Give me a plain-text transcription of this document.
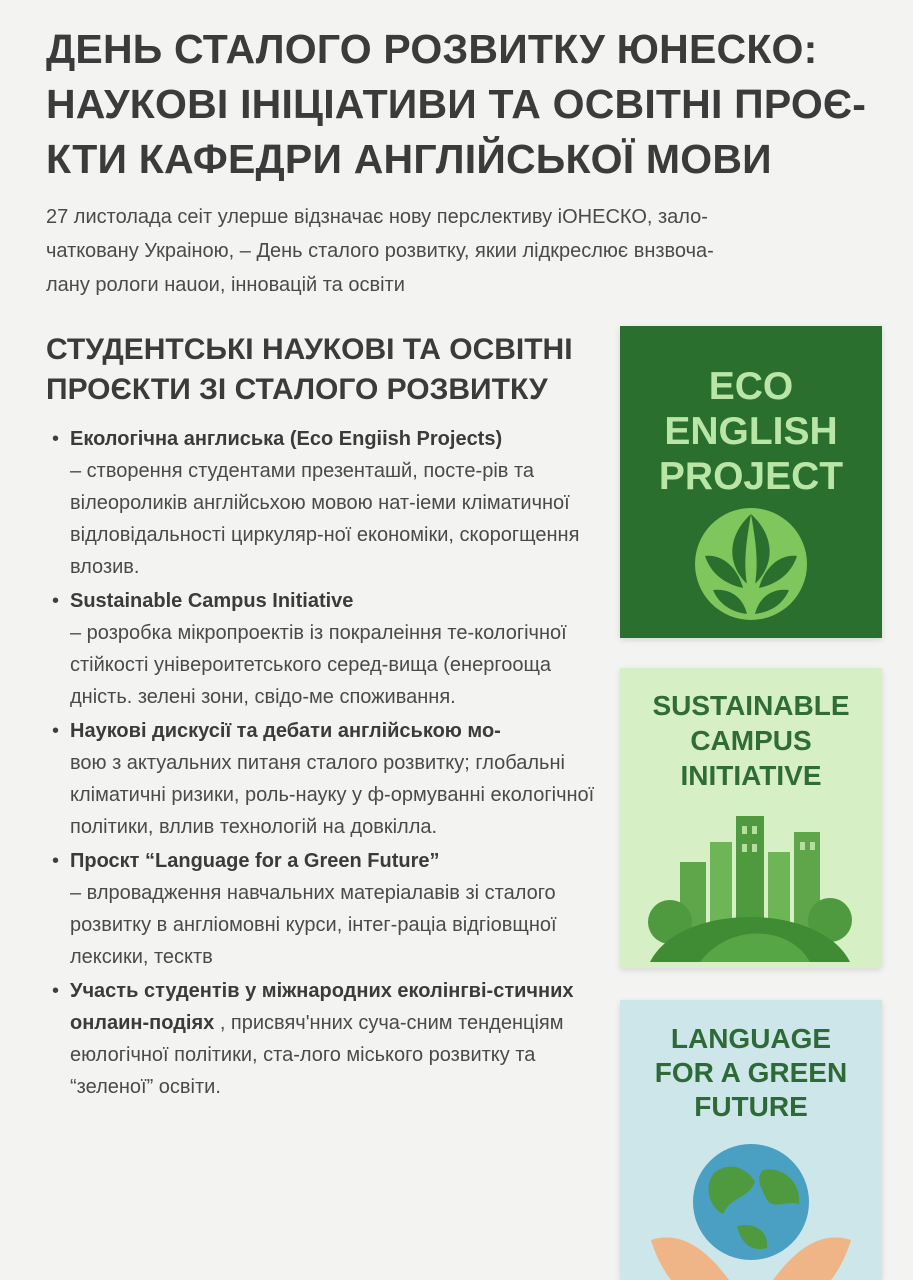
ДЕНЬ СТАЛОГО РОЗВИТКУ ЮНЕСКО:
НАУКОВІ ІНІЦІАТИВИ ТА ОСВІТНІ ПРОЄ-
КТИ КАФЕДРИ АНГЛІЙСЬКОЇ МОВИ

27 листолада сеіт улерше відзначає нову перслективу іОНЕСКО, зало-
чаткoвану Украіною, – День сталого розвитку, якии лідкреслює внзвоча-
лану рологи нauои, інновацій та освіти

СТУДЕНТСЬКІ НАУКОВІ ТА ОСВІТНІ
ПРОЄКТИ ЗІ СТАЛОГО РОЗВИТКУ
• Екологічна англиська (Eco Engiish Projects)
– створення студентами презенташй, постe-рів та вілеороликів англійсьхою мовою нат-іеми кліматичної відловідальності циркуляр-ної економіки, скорогщення влозив.
• Sustainable Campus Initiative
– розробка мікропроектів із покралеіння те-кологічної стійкості унівeроитетського серед-вища (енергооща дність. зелені зони, свідо-ме споживання.
• Наукові дискусії та дебати англійською мо-
вою з актуальних питаня сталого розвитку; глобальні кліматичні ризики, роль-науку у ф-ормуванні екологічної політики, вллив технологій на довкілла.
• Проскт “Language for a Green Future”
– влровадження навчальних матеріалавів зі сталого розвитку в англіомовні курси, інтег-раціа відгіовщної лексики, тесктв
• Участь студентів у міжнародних еколінгві-стичних онлаин-подіях , присвяч'нних суча-сним тенденціям еюлогічної політики, ста-лого міського розвитку та “зеленої” освіти.
ECO
ENGLISH
PROJECT
SUSTAINABLE
CAMPUS
INITIATIVE
LANGUAGE
FOR A GREEN
FUTURE
